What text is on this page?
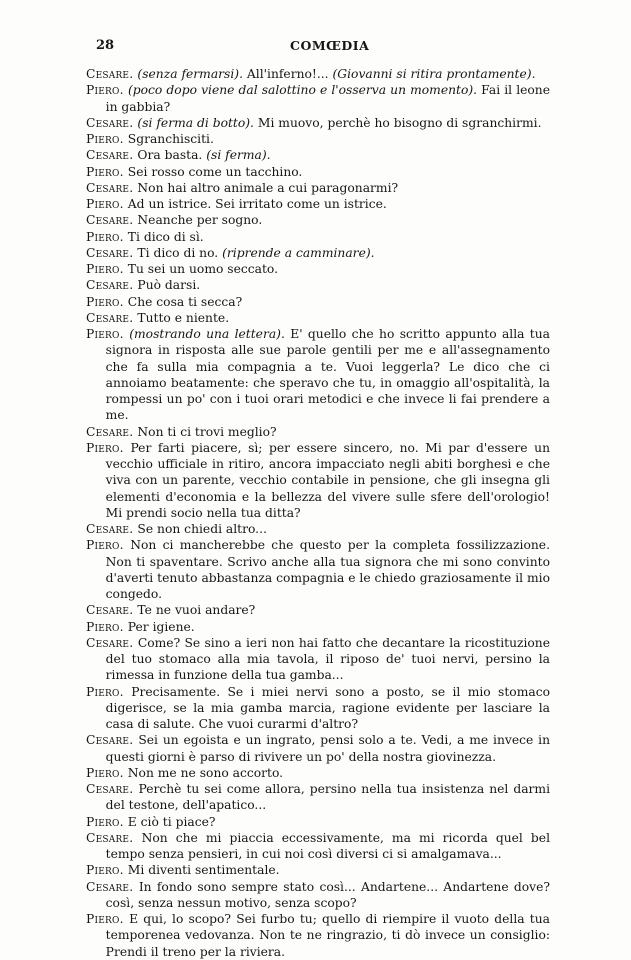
28	COMŒDIA

Cesare. (senza fermarsi). All'inferno!... (Giovanni si ritira prontamente).

Piero. (poco dopo viene dal salottino e l'osserva un momento). Fai il leone in gabbia?

Cesare. (si ferma di botto). Mi muovo, perchè ho bisogno di sgranchirmi.

Piero. Sgranchisciti.

Cesare. Ora basta. (si ferma).

Piero. Sei rosso come un tacchino.

Cesare. Non hai altro animale a cui paragonarmi?

Piero. Ad un istrice. Sei irritato come un istrice.

Cesare. Neanche per sogno.

Piero. Ti dico di sì.

Cesare. Ti dico di no. (riprende a camminare).

Piero. Tu sei un uomo seccato.

Cesare. Può darsi.

Piero. Che cosa ti secca?

Cesare. Tutto e niente.

Piero. (mostrando una lettera). E' quello che ho scritto appunto alla tua signora in risposta alle sue parole gentili per me e all'assegnamento che fa sulla mia compagnia a te. Vuoi leggerla? Le dico che ci annoiamo beatamente: che speravo che tu, in omaggio all'ospitalità, la rompessi un po' con i tuoi orari metodici e che invece li fai prendere a me.

Cesare. Non ti ci trovi meglio?

Piero. Per farti piacere, sì; per essere sincero, no. Mi par d'essere un vecchio ufficiale in ritiro, ancora impacciato negli abiti borghesi e che viva con un parente, vecchio contabile in pensione, che gli insegna gli elementi d'economia e la bellezza del vivere sulle sfere dell'orologio! Mi prendi socio nella tua ditta?

Cesare. Se non chiedi altro...

Piero. Non ci mancherebbe che questo per la completa fossilizzazione. Non ti spaventare. Scrivo anche alla tua signora che mi sono convinto d'averti tenuto abbastanza compagnia e le chiedo graziosamente il mio congedo.

Cesare. Te ne vuoi andare?

Piero. Per igiene.

Cesare. Come? Se sino a ieri non hai fatto che decantare la ricostituzione del tuo stomaco alla mia tavola, il riposo de' tuoi nervi, persino la rimessa in funzione della tua gamba...

Piero. Precisamente. Se i miei nervi sono a posto, se il mio stomaco digerisce, se la mia gamba marcia, ragione evidente per lasciare la casa di salute. Che vuoi curarmi d'altro?

Cesare. Sei un egoista e un ingrato, pensi solo a te. Vedi, a me invece in questi giorni è parso di rivivere un po' della nostra giovinezza.

Piero. Non me ne sono accorto.

Cesare. Perchè tu sei come allora, persino nella tua insistenza nel darmi del testone, dell'apatico...

Piero. E ciò ti piace?

Cesare. Non che mi piaccia eccessivamente, ma mi ricorda quel bel tempo senza pensieri, in cui noi così diversi ci si amalgamava...

Piero. Mi diventi sentimentale.

Cesare. In fondo sono sempre stato così... Andartene... Andartene dove? così, senza nessun motivo, senza scopo?

Piero. E qui, lo scopo? Sei furbo tu; quello di riempire il vuoto della tua temporenea vedovanza. Non te ne ringrazio, ti dò invece un consiglio: Prendi il treno per la riviera.
